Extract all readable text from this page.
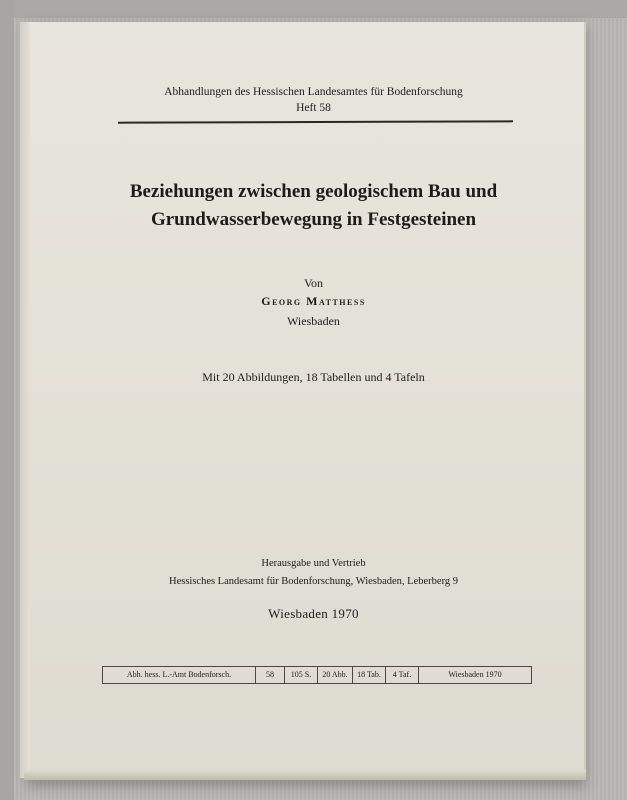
Abhandlungen des Hessischen Landesamtes für Bodenforschung
Heft 58
Beziehungen zwischen geologischem Bau und
Grundwasserbewegung in Festgesteinen
Von
Georg Matthess
Wiesbaden
Mit 20 Abbildungen, 18 Tabellen und 4 Tafeln
Herausgabe und Vertrieb
Hessisches Landesamt für Bodenforschung, Wiesbaden, Leberberg 9
Wiesbaden 1970
Abh. hess. L.-Amt Bodenforsch.	58	105 S.	20 Abb.	18 Tab.	4 Taf.	Wiesbaden 1970
